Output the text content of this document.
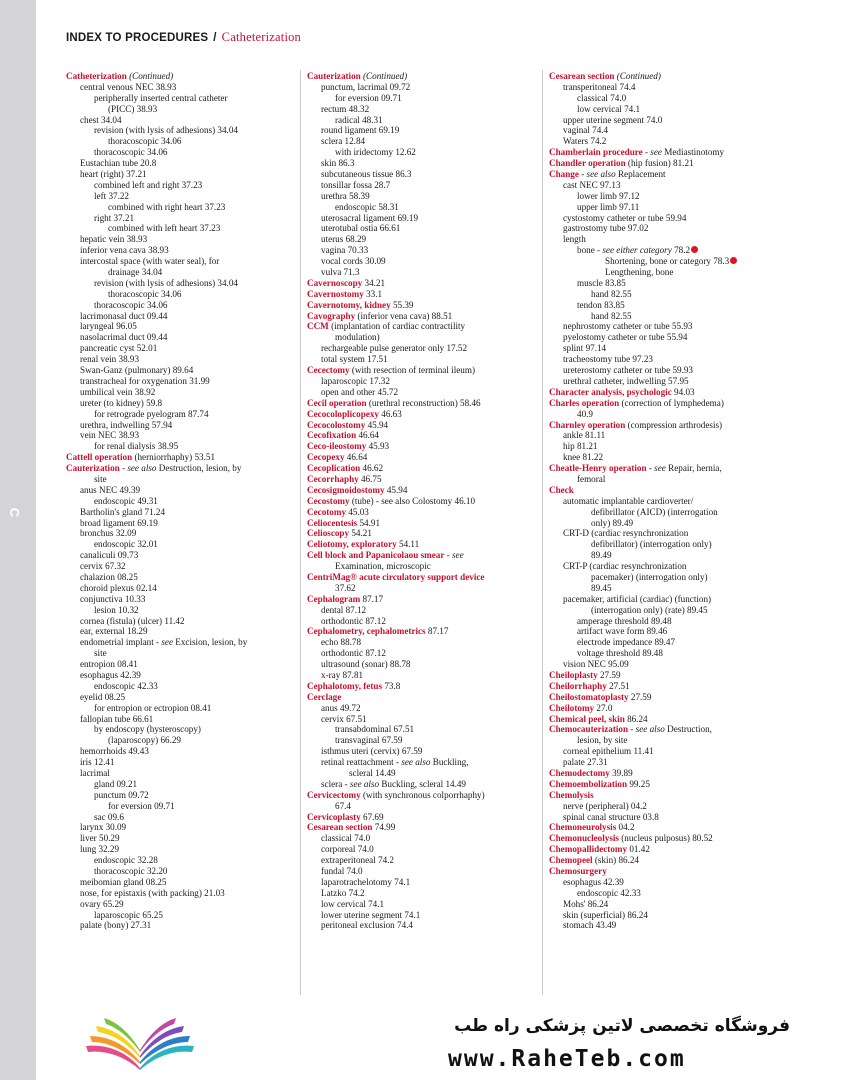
C
INDEX TO PROCEDURES / Catheterization
Catheterization (Continued)
central venous NEC 38.93
peripherally inserted central catheter
(PICC) 38.93
chest 34.04
revision (with lysis of adhesions) 34.04
thoracoscopic 34.06
thoracoscopic 34.06
Eustachian tube 20.8
heart (right) 37.21
combined left and right 37.23
left 37.22
combined with right heart 37.23
right 37.21
combined with left heart 37.23
hepatic vein 38.93
inferior vena cava 38.93
intercostal space (with water seal), for
drainage 34.04
revision (with lysis of adhesions) 34.04
thoracoscopic 34.06
thoracoscopic 34.06
lacrimonasal duct 09.44
laryngeal 96.05
nasolacrimal duct 09.44
pancreatic cyst 52.01
renal vein 38.93
Swan-Ganz (pulmonary) 89.64
transtracheal for oxygenation 31.99
umbilical vein 38.92
ureter (to kidney) 59.8
for retrograde pyelogram 87.74
urethra, indwelling 57.94
vein NEC 38.93
for renal dialysis 38.95
Cattell operation (herniorrhaphy) 53.51
Cauterization - see also Destruction, lesion, by
site
anus NEC 49.39
endoscopic 49.31
Bartholin's gland 71.24
broad ligament 69.19
bronchus 32.09
endoscopic 32.01
canaliculi 09.73
cervix 67.32
chalazion 08.25
choroid plexus 02.14
conjunctiva 10.33
lesion 10.32
cornea (fistula) (ulcer) 11.42
ear, external 18.29
endometrial implant - see Excision, lesion, by
site
entropion 08.41
esophagus 42.39
endoscopic 42.33
eyelid 08.25
for entropion or ectropion 08.41
fallopian tube 66.61
by endoscopy (hysteroscopy)
(laparoscopy) 66.29
hemorrhoids 49.43
iris 12.41
lacrimal
gland 09.21
punctum 09.72
for eversion 09.71
sac 09.6
larynx 30.09
liver 50.29
lung 32.29
endoscopic 32.28
thoracoscopic 32.20
meibomian gland 08.25
nose, for epistaxis (with packing) 21.03
ovary 65.29
laparoscopic 65.25
palate (bony) 27.31
Cauterization (Continued)
punctum, lacrimal 09.72
for eversion 09.71
rectum 48.32
radical 48.31
round ligament 69.19
sclera 12.84
with iridectomy 12.62
skin 86.3
subcutaneous tissue 86.3
tonsillar fossa 28.7
urethra 58.39
endoscopic 58.31
uterosacral ligament 69.19
uterotubal ostia 66.61
uterus 68.29
vagina 70.33
vocal cords 30.09
vulva 71.3
Cavernoscopy 34.21
Cavernostomy 33.1
Cavernotomy, kidney 55.39
Cavography (inferior vena cava) 88.51
CCM (implantation of cardiac contractility
modulation)
rechargeable pulse generator only 17.52
total system 17.51
Cecectomy (with resection of terminal ileum)
laparoscopic 17.32
open and other 45.72
Cecil operation (urethral reconstruction) 58.46
Cecocoloplicopexy 46.63
Cecocolostomy 45.94
Cecofixation 46.64
Ceco-ileostomy 45.93
Cecopexy 46.64
Cecoplication 46.62
Cecorrhaphy 46.75
Cecosigmoidostomy 45.94
Cecostomy (tube) - see also Colostomy 46.10
Cecotomy 45.03
Celiocentesis 54.91
Celioscopy 54.21
Celiotomy, exploratory 54.11
Cell block and Papanicolaou smear - see
Examination, microscopic
CentriMag® acute circulatory support device
37.62
Cephalogram 87.17
dental 87.12
orthodontic 87.12
Cephalometry, cephalometrics 87.17
echo 88.78
orthodontic 87.12
ultrasound (sonar) 88.78
x-ray 87.81
Cephalotomy, fetus 73.8
Cerclage
anus 49.72
cervix 67.51
transabdominal 67.51
transvaginal 67.59
isthmus uteri (cervix) 67.59
retinal reattachment - see also Buckling,
scleral 14.49
sclera - see also Buckling, scleral 14.49
Cervicectomy (with synchronous colporrhaphy)
67.4
Cervicoplasty 67.69
Cesarean section 74.99
classical 74.0
corporeal 74.0
extraperitoneal 74.2
fundal 74.0
laparotrachelotomy 74.1
Latzko 74.2
low cervical 74.1
lower uterine segment 74.1
peritoneal exclusion 74.4
Cesarean section (Continued)
transperitoneal 74.4
classical 74.0
low cervical 74.1
upper uterine segment 74.0
vaginal 74.4
Waters 74.2
Chamberlain procedure - see Mediastinotomy
Chandler operation (hip fusion) 81.21
Change - see also Replacement
cast NEC 97.13
lower limb 97.12
upper limb 97.11
cystostomy catheter or tube 59.94
gastrostomy tube 97.02
length
bone - see either category 78.2
Shortening, bone or category 78.3
Lengthening, bone
muscle 83.85
hand 82.55
tendon 83.85
hand 82.55
nephrostomy catheter or tube 55.93
pyelostomy catheter or tube 55.94
splint 97.14
tracheostomy tube 97.23
ureterostomy catheter or tube 59.93
urethral catheter, indwelling 57.95
Character analysis, psychologic 94.03
Charles operation (correction of lymphedema)
40.9
Charnley operation (compression arthrodesis)
ankle 81.11
hip 81.21
knee 81.22
Cheatle-Henry operation - see Repair, hernia,
femoral
Check
automatic implantable cardioverter/
defibrillator (AICD) (interrogation
only) 89.49
CRT-D (cardiac resynchronization
defibrillator) (interrogation only)
89.49
CRT-P (cardiac resynchronization
pacemaker) (interrogation only)
89.45
pacemaker, artificial (cardiac) (function)
(interrogation only) (rate) 89.45
amperage threshold 89.48
artifact wave form 89.46
electrode impedance 89.47
voltage threshold 89.48
vision NEC 95.09
Cheiloplasty 27.59
Cheilorrhaphy 27.51
Cheilostomatoplasty 27.59
Cheilotomy 27.0
Chemical peel, skin 86.24
Chemocauterization - see also Destruction,
lesion, by site
corneal epithelium 11.41
palate 27.31
Chemodectomy 39.89
Chemoembolization 99.25
Chemolysis
nerve (peripheral) 04.2
spinal canal structure 03.8
Chemoneurolysis 04.2
Chemonucleolysis (nucleus pulposus) 80.52
Chemopallidectomy 01.42
Chemopeel (skin) 86.24
Chemosurgery
esophagus 42.39
endoscopic 42.33
Mohs' 86.24
skin (superficial) 86.24
stomach 43.49
فروشگاه تخصصی لاتین پزشکی راه طب
www.RaheTeb.com
